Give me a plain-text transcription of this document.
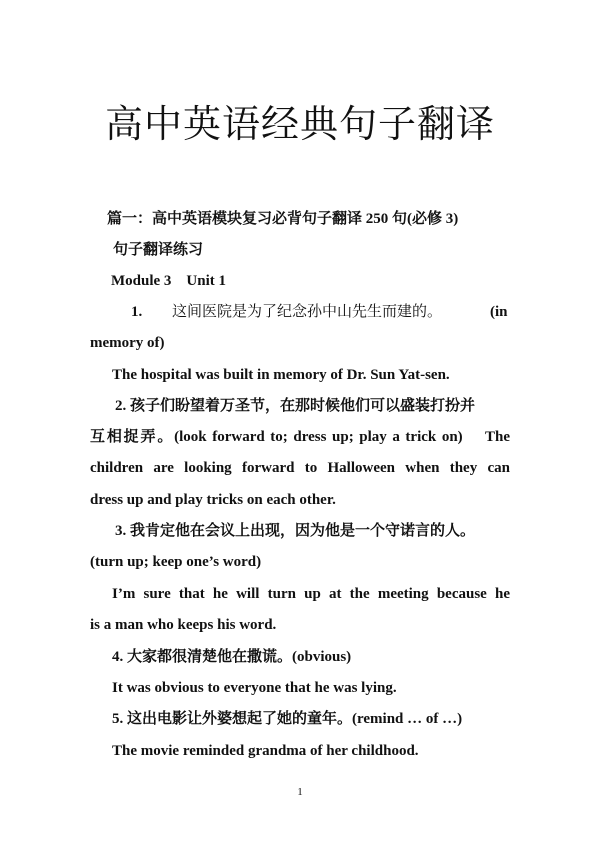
高中英语经典句子翻译
篇一：高中英语模块复习必背句子翻译 250 句(必修 3)
句子翻译练习
Module 3    Unit 1
1. 这间医院是为了纪念孙中山先生而建的。	(in
memory of)
The hospital was built in memory of Dr. Sun Yat-sen.
2. 孩子们盼望着万圣节，在那时候他们可以盛装打扮并
互相捉弄。(look forward to; dress up; play a trick on)    The
children are looking forward to Halloween when they can
dress up and play tricks on each other.
3. 我肯定他在会议上出现，因为他是一个守诺言的人。
(turn up; keep one’s word)
I’m sure that he will turn up at the meeting because he
is a man who keeps his word.
4. 大家都很清楚他在撒谎。(obvious)
It was obvious to everyone that he was lying.
5. 这出电影让外婆想起了她的童年。(remind … of …)
The movie reminded grandma of her childhood.
1
